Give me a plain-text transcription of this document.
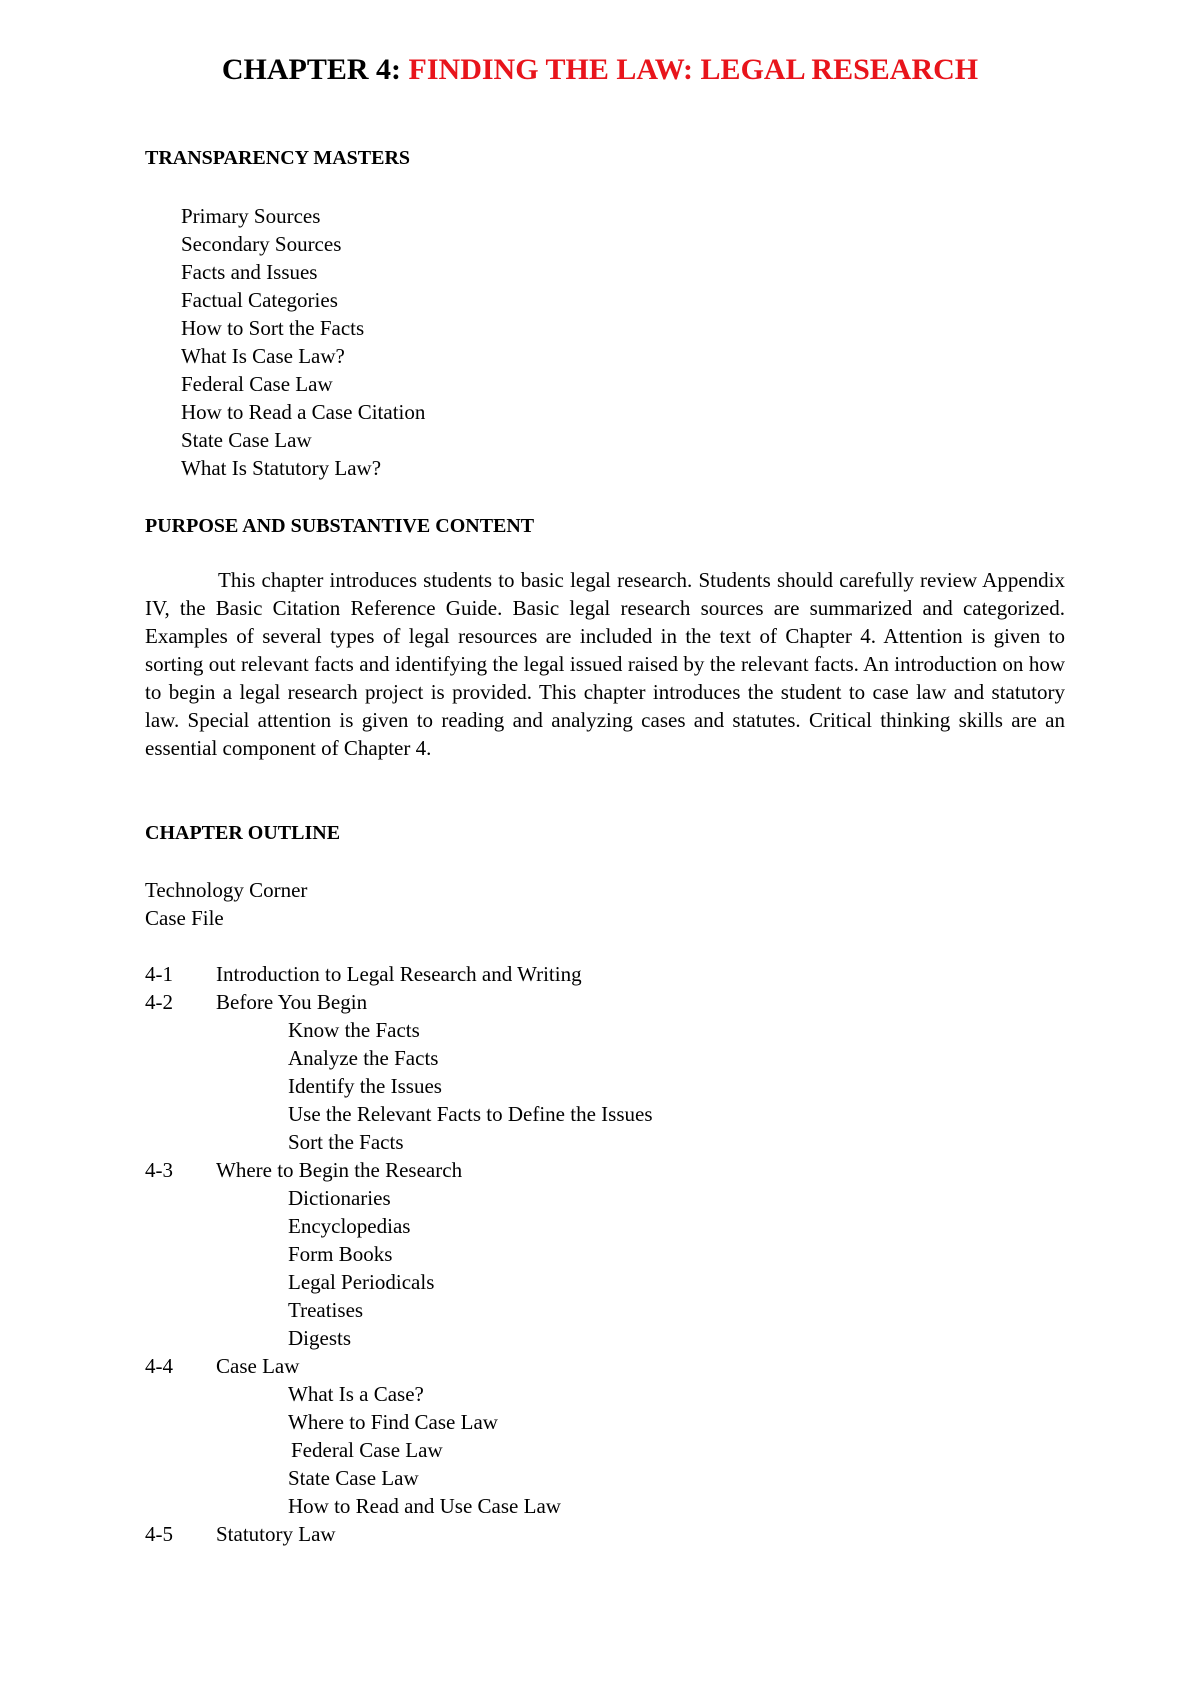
CHAPTER 4: FINDING THE LAW: LEGAL RESEARCH
TRANSPARENCY MASTERS
Primary Sources
Secondary Sources
Facts and Issues
Factual Categories
How to Sort the Facts
What Is Case Law?
Federal Case Law
How to Read a Case Citation
State Case Law
What Is Statutory Law?
PURPOSE AND SUBSTANTIVE CONTENT
This chapter introduces students to basic legal research. Students should carefully review Appendix IV, the Basic Citation Reference Guide. Basic legal research sources are summarized and categorized. Examples of several types of legal resources are included in the text of Chapter 4. Attention is given to sorting out relevant facts and identifying the legal issued raised by the relevant facts. An introduction on how to begin a legal research project is provided. This chapter introduces the student to case law and statutory law. Special attention is given to reading and analyzing cases and statutes. Critical thinking skills are an essential component of Chapter 4.
CHAPTER OUTLINE
Technology Corner
Case File
4-1 Introduction to Legal Research and Writing
4-2 Before You Begin
Know the Facts
Analyze the Facts
Identify the Issues
Use the Relevant Facts to Define the Issues
Sort the Facts
4-3 Where to Begin the Research
Dictionaries
Encyclopedias
Form Books
Legal Periodicals
Treatises
Digests
4-4 Case Law
What Is a Case?
Where to Find Case Law
Federal Case Law
State Case Law
How to Read and Use Case Law
4-5 Statutory Law
